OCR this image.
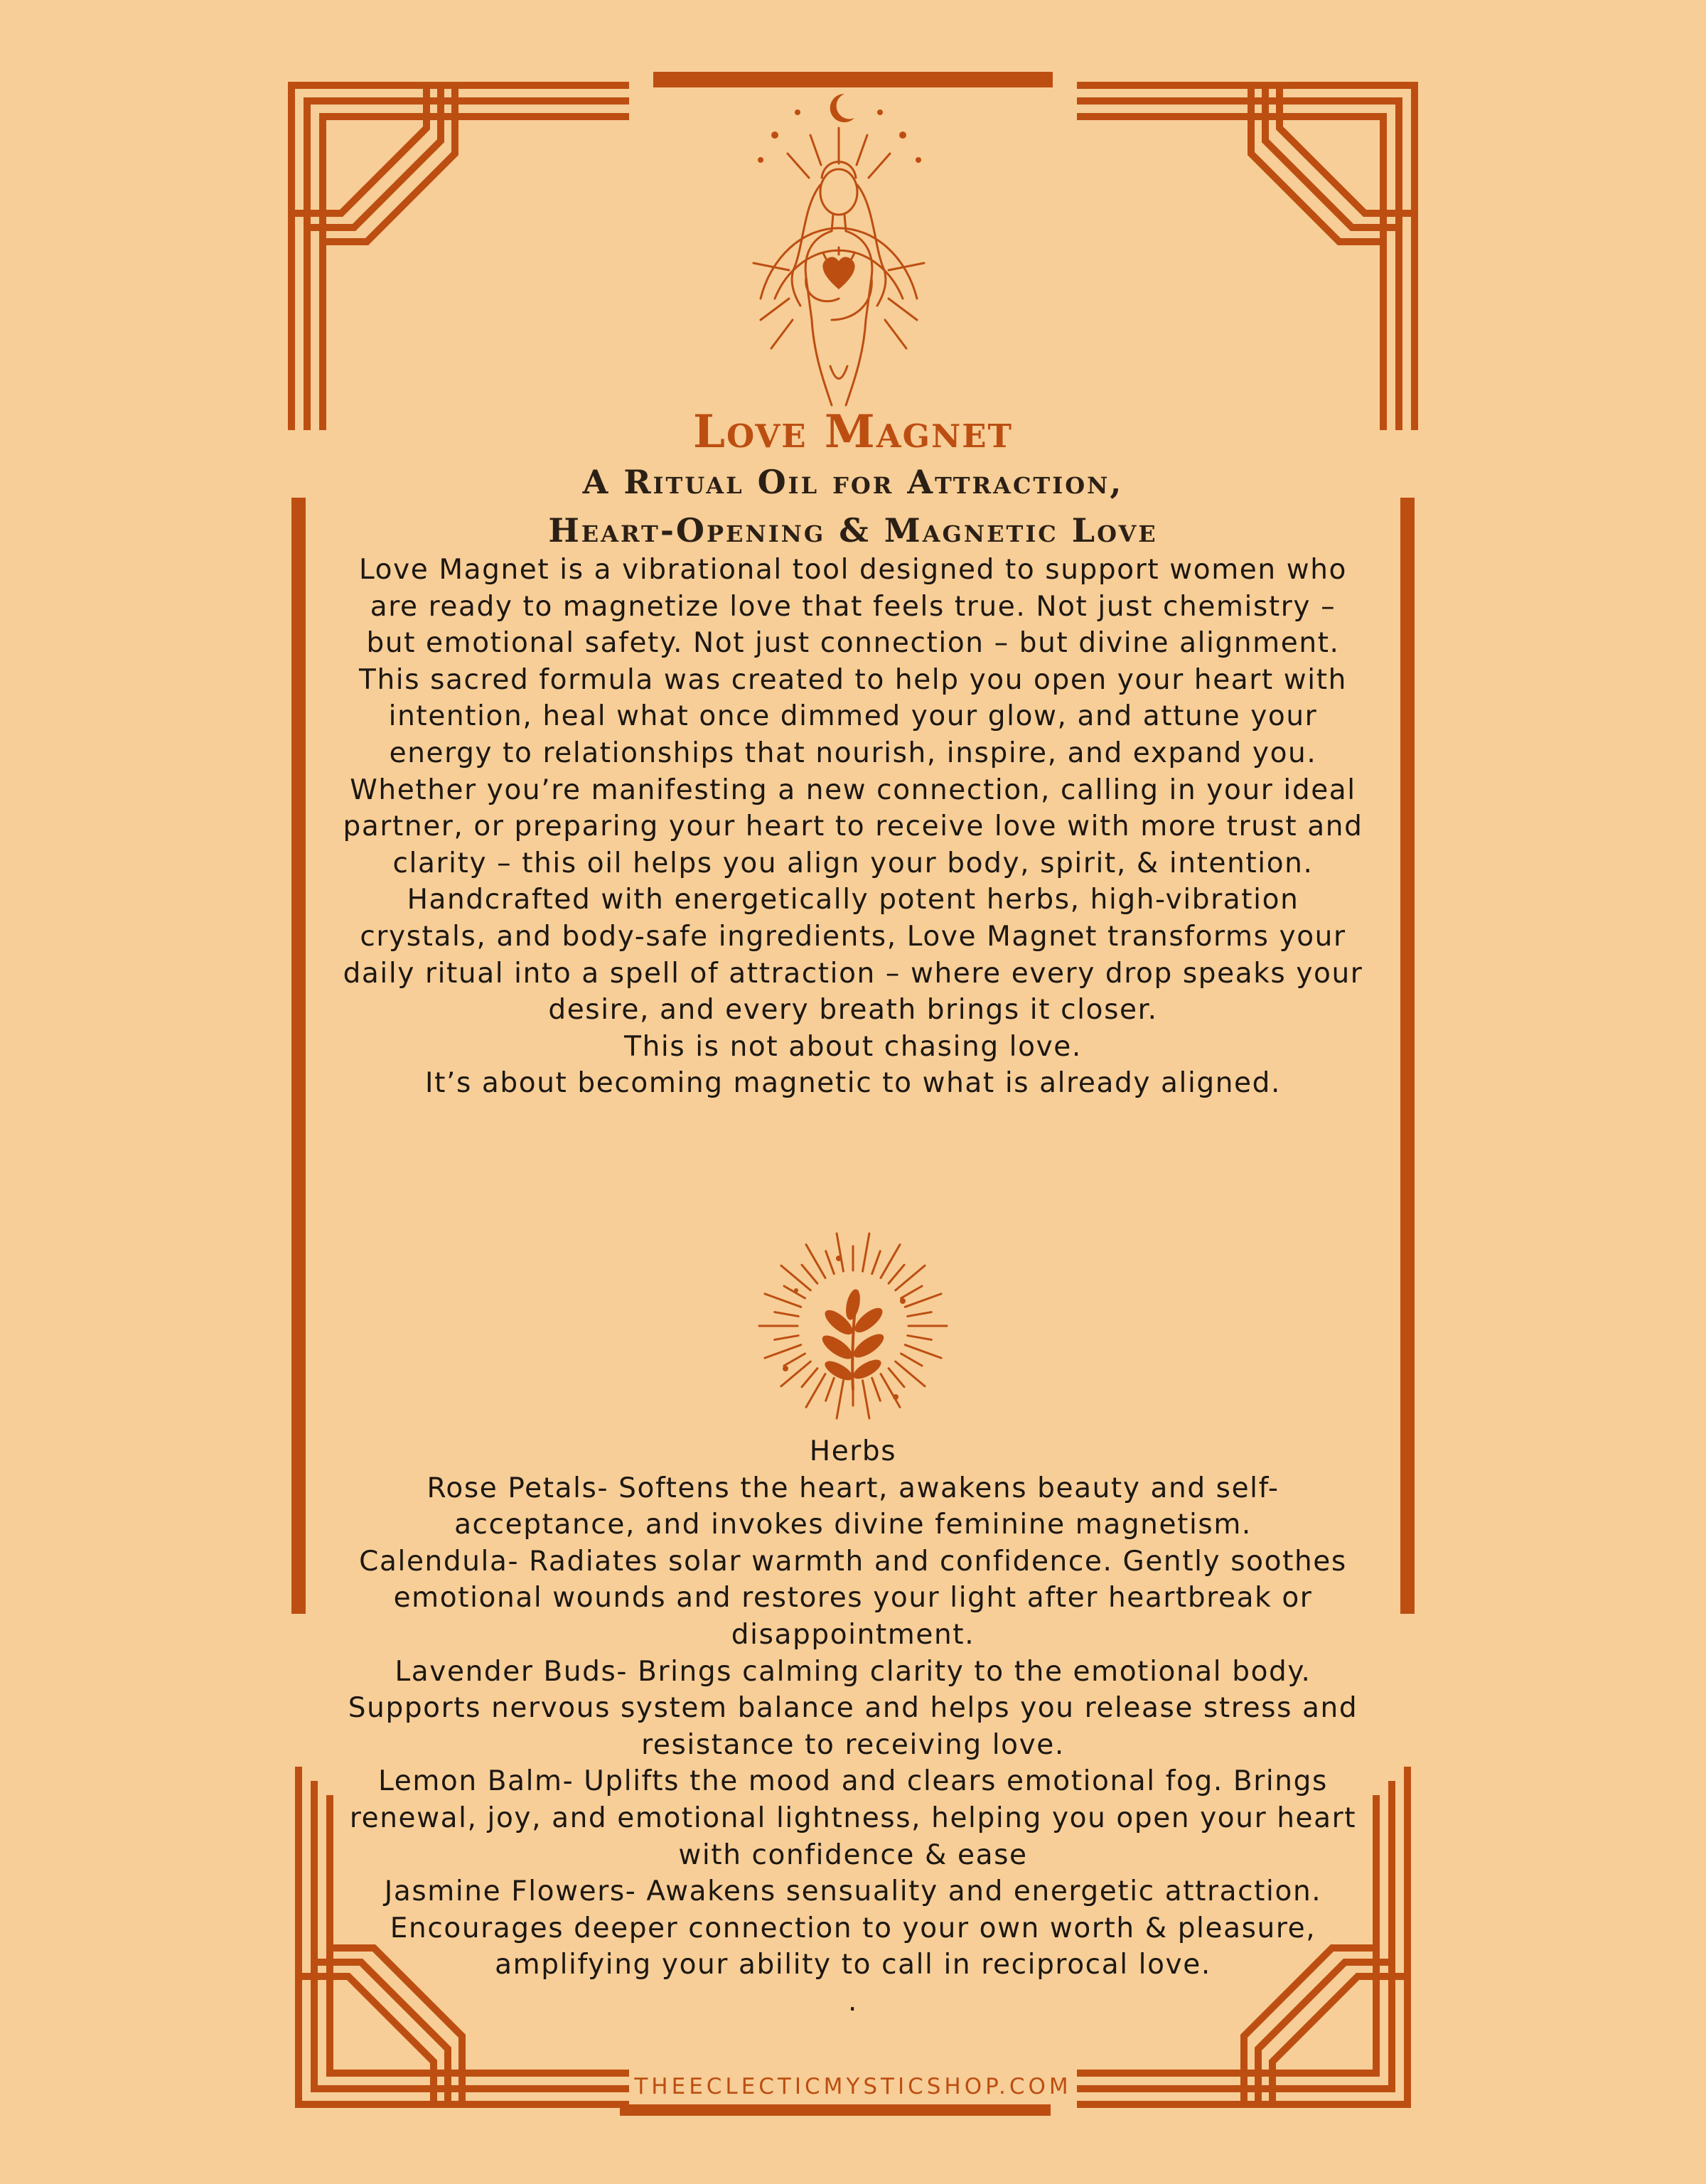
Love Magnet
A Ritual Oil for Attraction,
Heart-Opening & Magnetic Love

Love Magnet is a vibrational tool designed to support women who are ready to magnetize love that feels true. Not just chemistry – but emotional safety. Not just connection – but divine alignment.

This sacred formula was created to help you open your heart with intention, heal what once dimmed your glow, and attune your energy to relationships that nourish, inspire, and expand you.

Whether you’re manifesting a new connection, calling in your ideal partner, or preparing your heart to receive love with more trust and clarity – this oil helps you align your body, spirit, & intention.

Handcrafted with energetically potent herbs, high-vibration crystals, and body-safe ingredients, Love Magnet transforms your daily ritual into a spell of attraction – where every drop speaks your desire, and every breath brings it closer.

This is not about chasing love.

It’s about becoming magnetic to what is already aligned.

Herbs

Rose Petals- Softens the heart, awakens beauty and self-acceptance, and invokes divine feminine magnetism.

Calendula- Radiates solar warmth and confidence. Gently soothes emotional wounds and restores your light after heartbreak or disappointment.

Lavender Buds- Brings calming clarity to the emotional body. Supports nervous system balance and helps you release stress and resistance to receiving love.

Lemon Balm- Uplifts the mood and clears emotional fog. Brings renewal, joy, and emotional lightness, helping you open your heart with confidence & ease

Jasmine Flowers- Awakens sensuality and energetic attraction. Encourages deeper connection to your own worth & pleasure, amplifying your ability to call in reciprocal love.

.

THEECLECTICMYSTICSHOP.COM
